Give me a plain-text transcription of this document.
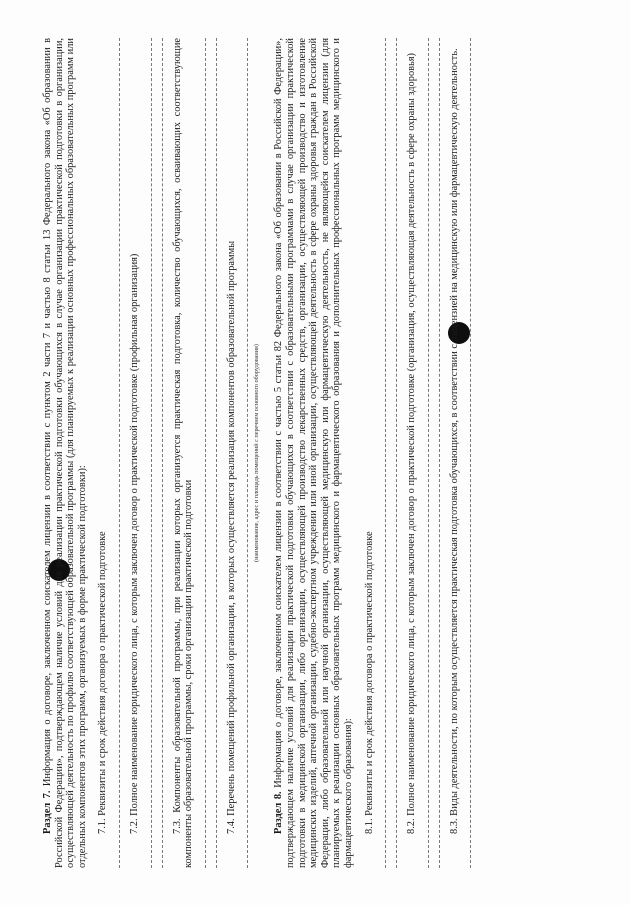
Раздел 7. Информация о договоре, заключенном соискателем лицензии в соответствии с пунктом 2 части 7 и частью 8 статьи 13 Федерального закона «Об образовании в Российской Федерации», подтверждающем наличие условий для реализации практической подготовки обучающихся в случае организации практической подготовки в организации, осуществляющей деятельность по профилю соответствующей образовательной программы (для планируемых к реализации основных профессиональных образовательных программ или отдельных компонентов этих программ, организуемых в форме практической подготовки): 7.1. Реквизиты и срок действия договора о практической подготовке 7.2. Полное наименование юридического лица, с которым заключен договор о практической подготовке (профильная организация)	7.3. Компоненты образовательной программы, при реализации которых организуется практическая подготовка, количество обучающихся, осваивающих соответствующие компоненты образовательной программы, сроки организации практической подготовки	7.4. Перечень помещений профильной организации, в которых осуществляется реализация компонентов образовательной программы	(наименование, адрес и площадь помещений с перечнем основного оборудования)

Раздел 8. Информация о договоре, заключенном соискателем лицензии в соответствии с частью 5 статьи 82 Федерального закона «Об образовании в Российской Федерации», подтверждающем наличие условий для реализации практической подготовки обучающихся в соответствии с образовательными программами в случае организации практической подготовки в медицинской организации, либо организации, осуществляющей производство лекарственных средств, организации, осуществляющей производство и изготовление медицинских изделий, аптечной организации, судебно-экспертном учреждении или иной организации, осуществляющей деятельность в сфере охраны здоровья граждан в Российской Федерации, либо образовательной или научной организации, осуществляющей медицинскую или фармацевтическую деятельность, не являющейся соискателем лицензии (для планируемых к реализации основных образовательных программ медицинского и фармацевтического образования и дополнительных профессиональных программ медицинского и фармацевтического образования): 8.1. Реквизиты и срок действия договора о практической подготовке	8.2. Полное наименование юридического лица, с которым заключен договор о практической подготовке (организация, осуществляющая деятельность в сфере охраны здоровья)	8.3. Виды деятельности, по которым осуществляется практическая подготовка обучающихся, в соответствии с лицензией на медицинскую или фармацевтическую деятельность.
